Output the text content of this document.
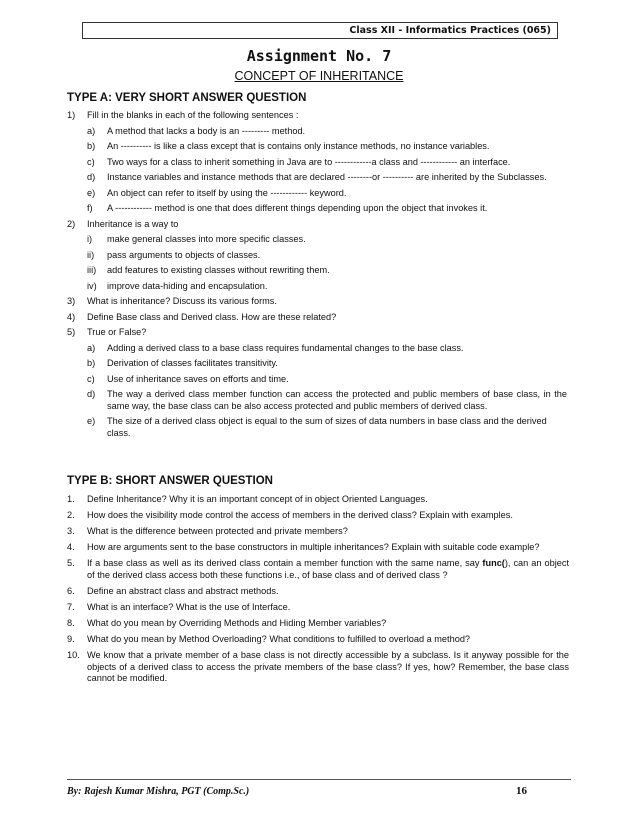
Class XII - Informatics Practices (065)
Assignment No. 7
CONCEPT OF INHERITANCE
TYPE A: VERY SHORT ANSWER QUESTION
1) Fill in the blanks in each of the following sentences :
a) A method that lacks a body is an --------- method.
b) An ---------- is like a class except that is contains only instance methods, no instance variables.
c) Two ways for a class to inherit something in Java are to ------------a class and ------------ an interface.
d) Instance variables and instance methods that are declared --------or ---------- are inherited by the Subclasses.
e) An object can refer to itself by using the ------------ keyword.
f) A ------------ method is one that does different things depending upon the object that invokes it.
2) Inheritance is a way to
i) make general classes into more specific classes.
ii) pass arguments to objects of classes.
iii) add features to existing classes without rewriting them.
iv) improve data-hiding and encapsulation.
3) What is inheritance? Discuss its various forms.
4) Define Base class and Derived class. How are these related?
5) True or False?
a) Adding a derived class to a base class requires fundamental changes to the base class.
b) Derivation of classes facilitates transitivity.
c) Use of inheritance saves on efforts and time.
d) The way a derived class member function can access the protected and public members of base class, in the same way, the base class can be also access protected and public members of derived class.
e) The size of a derived class object is equal to the sum of sizes of data numbers in base class and the derived class.
TYPE B: SHORT ANSWER QUESTION
1. Define Inheritance? Why it is an important concept of in object Oriented Languages.
2. How does the visibility mode control the access of members in the derived class? Explain with examples.
3. What is the difference between protected and private members?
4. How are arguments sent to the base constructors in multiple inheritances? Explain with suitable code example?
5. If a base class as well as its derived class contain a member function with the same name, say func(), can an object of the derived class access both these functions i.e., of base class and of derived class ?
6. Define an abstract class and abstract methods.
7. What is an interface? What is the use of Interface.
8. What do you mean by Overriding Methods and Hiding Member variables?
9. What do you mean by Method Overloading? What conditions to fulfilled to overload a method?
10. We know that a private member of a base class is not directly accessible by a subclass. Is it anyway possible for the objects of a derived class to access the private members of the base class? If yes, how? Remember, the base class cannot be modified.
By: Rajesh Kumar Mishra, PGT (Comp.Sc.)	16
